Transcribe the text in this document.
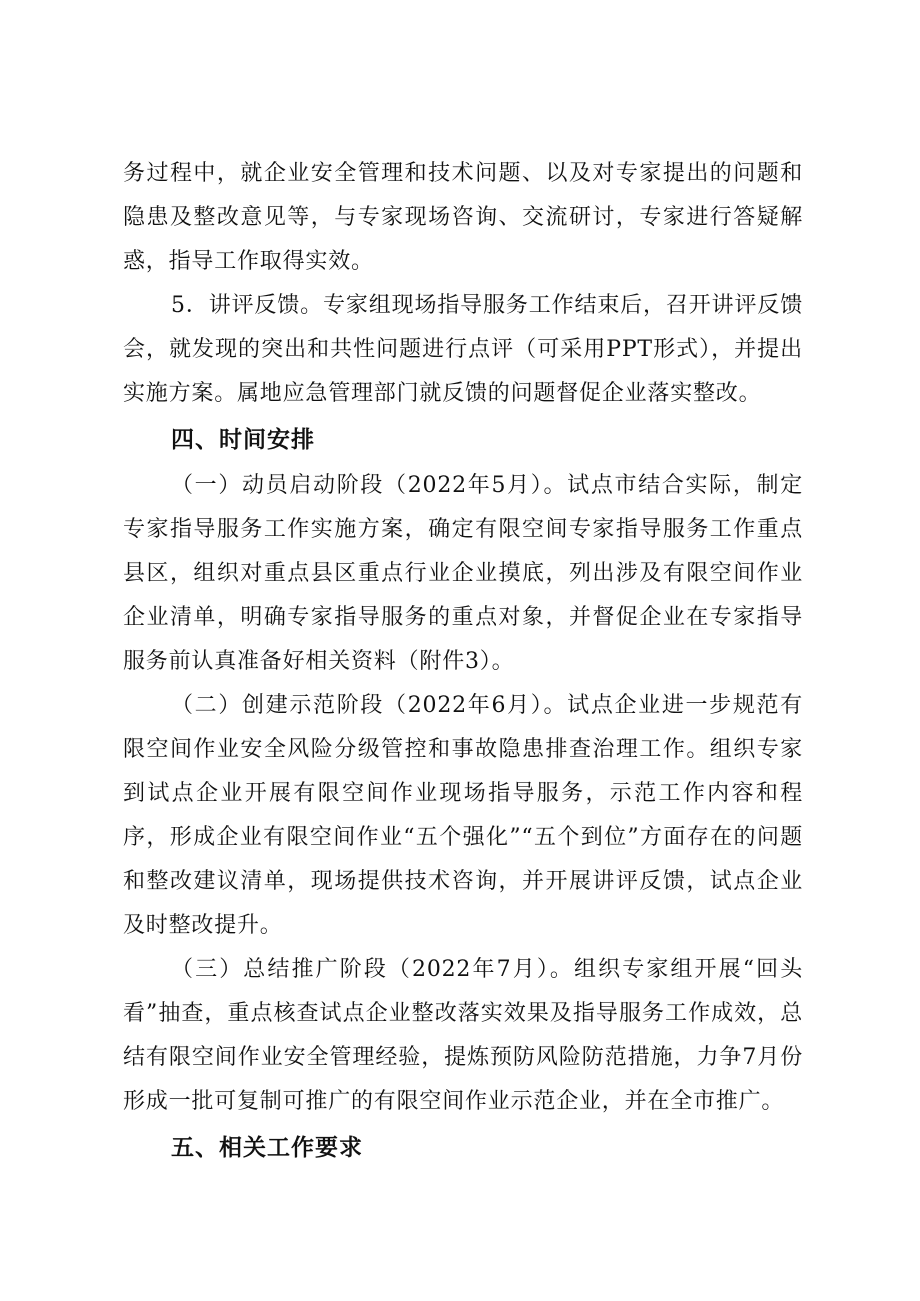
务过程中，就企业安全管理和技术问题、以及对专家提出的问题和隐患及整改意见等，与专家现场咨询、交流研讨，专家进行答疑解惑，指导工作取得实效。

5．讲评反馈。专家组现场指导服务工作结束后，召开讲评反馈会，就发现的突出和共性问题进行点评（可采用PPT形式），并提出实施方案。属地应急管理部门就反馈的问题督促企业落实整改。

四、时间安排

（一）动员启动阶段（2022年5月）。试点市结合实际，制定专家指导服务工作实施方案，确定有限空间专家指导服务工作重点县区，组织对重点县区重点行业企业摸底，列出涉及有限空间作业企业清单，明确专家指导服务的重点对象，并督促企业在专家指导服务前认真准备好相关资料（附件3）。

（二）创建示范阶段（2022年6月）。试点企业进一步规范有限空间作业安全风险分级管控和事故隐患排查治理工作。组织专家到试点企业开展有限空间作业现场指导服务，示范工作内容和程序，形成企业有限空间作业“五个强化”“五个到位”方面存在的问题和整改建议清单，现场提供技术咨询，并开展讲评反馈，试点企业及时整改提升。

（三）总结推广阶段（2022年7月）。组织专家组开展“回头看”抽查，重点核查试点企业整改落实效果及指导服务工作成效，总结有限空间作业安全管理经验，提炼预防风险防范措施，力争7月份形成一批可复制可推广的有限空间作业示范企业，并在全市推广。

五、相关工作要求
